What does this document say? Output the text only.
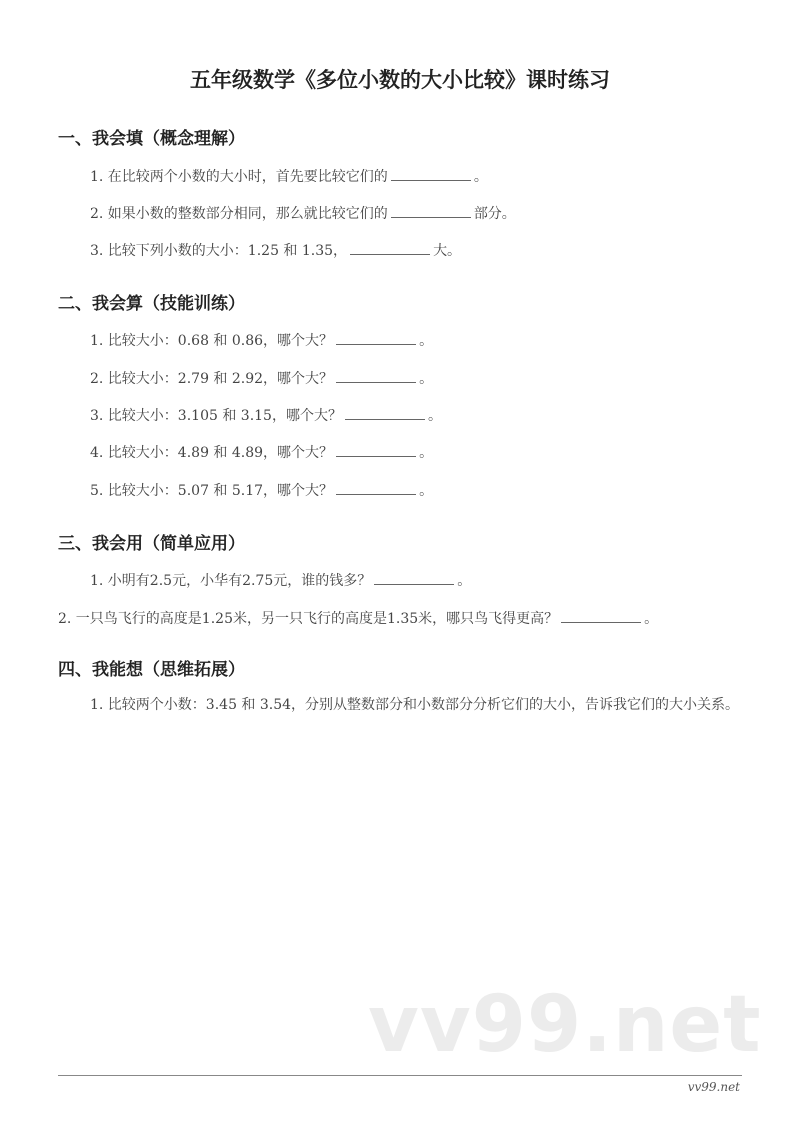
五年级数学《多位小数的大小比较》课时练习
一、我会填（概念理解）
1. 在比较两个小数的大小时，首先要比较它们的	。
2. 如果小数的整数部分相同，那么就比较它们的	部分。
3. 比较下列小数的大小：1.25 和 1.35，	大。
二、我会算（技能训练）
1. 比较大小：0.68 和 0.86，哪个大？	。
2. 比较大小：2.79 和 2.92，哪个大？	。
3. 比较大小：3.105 和 3.15，哪个大？	。
4. 比较大小：4.89 和 4.89，哪个大？	。
5. 比较大小：5.07 和 5.17，哪个大？	。
三、我会用（简单应用）
1. 小明有2.5元，小华有2.75元，谁的钱多？	。
2. 一只鸟飞行的高度是1.25米，另一只飞行的高度是1.35米，哪只鸟飞得更高？	。
四、我能想（思维拓展）
1. 比较两个小数：3.45 和 3.54，分别从整数部分和小数部分分析它们的大小，告诉我它们的大小关系。
vv99.net
vv99.net
